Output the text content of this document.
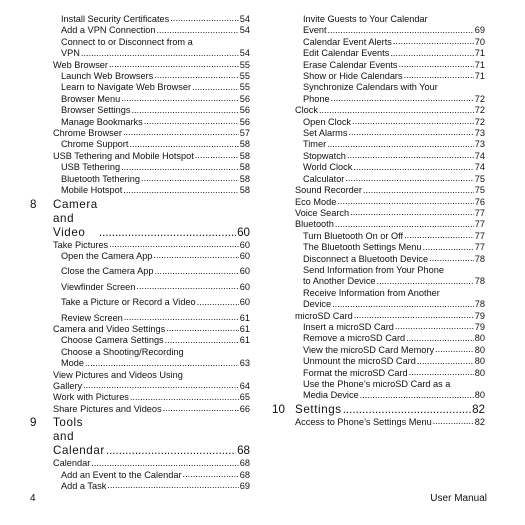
Install Security Certificates .....	54
Add a VPN Connection .....	54
Connect to or Disconnect from a
VPN .....	54
Web Browser .....	55
Launch Web Browsers .....	55
Learn to Navigate Web Browser .....	55
Browser Menu .....	56
Browser Settings .....	56
Manage Bookmarks .....	56
Chrome Browser .....	57
Chrome Support .....	58
USB Tethering and Mobile Hotspot .....	58
USB Tethering .....	58
Bluetooth Tethering .....	58
Mobile Hotspot .....	58
8 Camera and Video .....	60
Take Pictures .....	60
Open the Camera App .....	60
Close the Camera App .....	60
Viewfinder Screen .....	60
Take a Picture or Record a Video .....	60
Review Screen .....	61
Camera and Video Settings .....	61
Choose Camera Settings .....	61
Choose a Shooting/Recording
Mode .....	63
View Pictures and Videos Using
Gallery .....	64
Work with Pictures .....	65
Share Pictures and Videos .....	66
9 Tools and Calendar .....	68
Calendar .....	68
Add an Event to the Calendar .....	68
Add a Task .....	69
Invite Guests to Your Calendar
Event .....	69
Calendar Event Alerts .....	70
Edit Calendar Events .....	71
Erase Calendar Events .....	71
Show or Hide Calendars .....	71
Synchronize Calendars with Your
Phone .....	72
Clock .....	72
Open Clock .....	72
Set Alarms .....	73
Timer .....	73
Stopwatch .....	74
World Clock .....	74
Calculator .....	75
Sound Recorder .....	75
Eco Mode .....	76
Voice Search .....	77
Bluetooth .....	77
Turn Bluetooth On or Off .....	77
The Bluetooth Settings Menu .....	77
Disconnect a Bluetooth Device .....	78
Send Information from Your Phone
to Another Device .....	78
Receive Information from Another
Device .....	78
microSD Card .....	79
Insert a microSD Card .....	79
Remove a microSD Card .....	80
View the microSD Card Memory .....	80
Unmount the microSD Card .....	80
Format the microSD Card .....	80
Use the Phone’s microSD Card as a
Media Device .....	80
10 Settings .....	82
Access to Phone’s Settings Menu .....	82
4	User Manual
